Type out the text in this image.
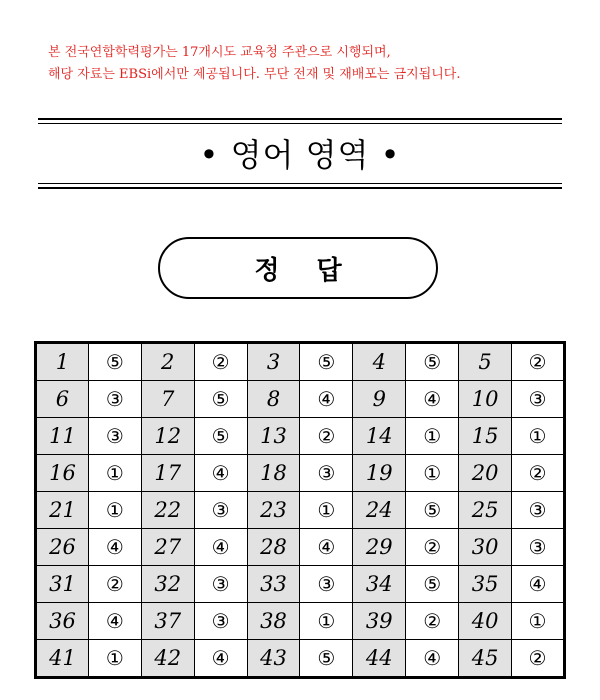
본 전국연합학력평가는 17개시도 교육청 주관으로 시행되며,
해당 자료는 EBSi에서만 제공됩니다. 무단 전재 및 재배포는 금지됩니다.
• 영어 영역 •
정 답
1	⑤	2	②	3	⑤	4	⑤	5	②
6	③	7	⑤	8	④	9	④	10	③
11	③	12	⑤	13	②	14	①	15	①
16	①	17	④	18	③	19	①	20	②
21	①	22	③	23	①	24	⑤	25	③
26	④	27	④	28	④	29	②	30	③
31	②	32	③	33	③	34	⑤	35	④
36	④	37	③	38	①	39	②	40	①
41	①	42	④	43	⑤	44	④	45	②
